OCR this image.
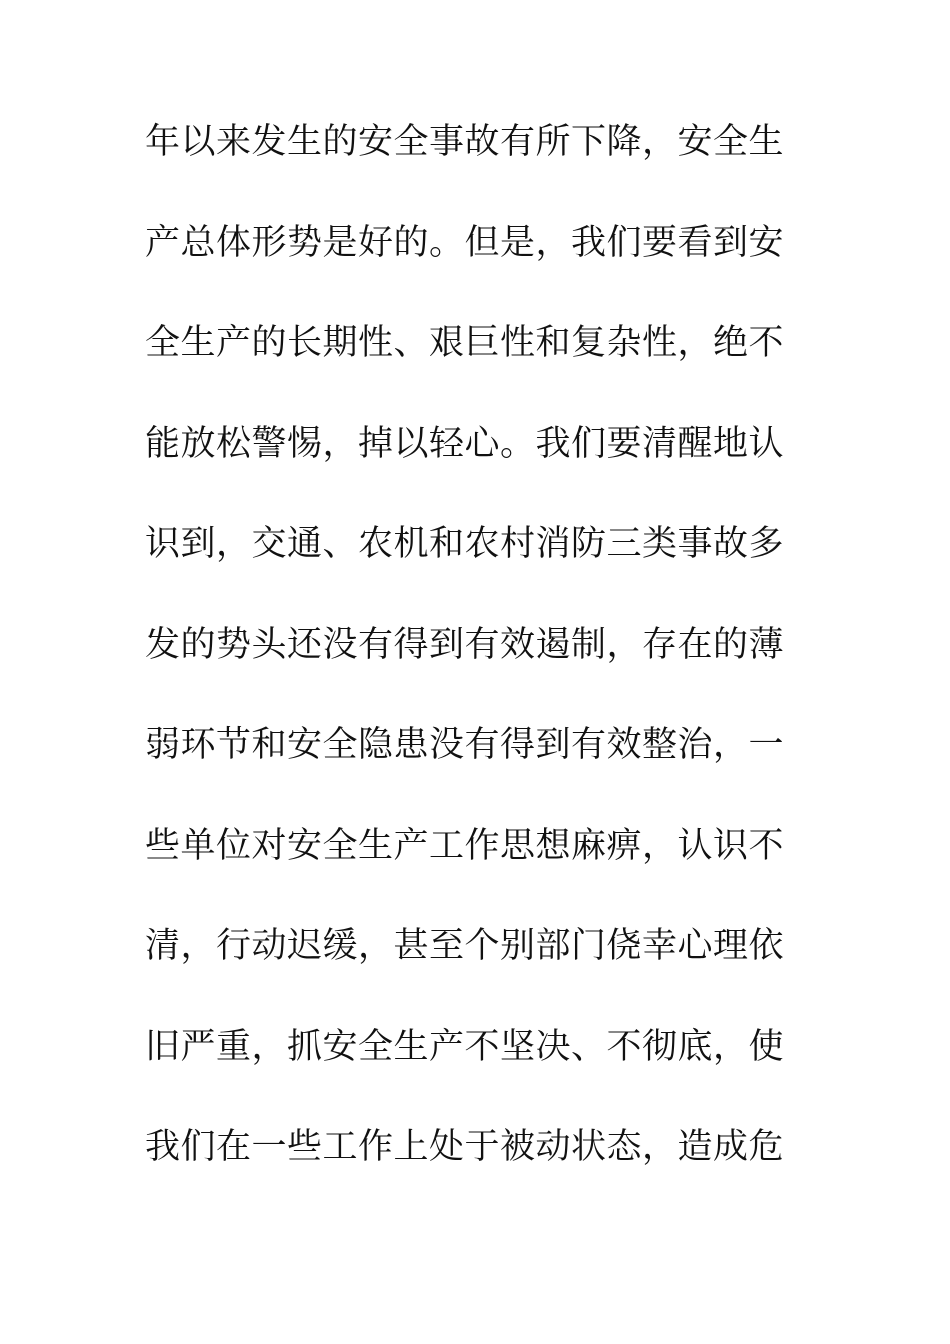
年以来发生的安全事故有所下降，安全生
产总体形势是好的。但是，我们要看到安
全生产的长期性、艰巨性和复杂性，绝不
能放松警惕，掉以轻心。我们要清醒地认
识到，交通、农机和农村消防三类事故多
发的势头还没有得到有效遏制，存在的薄
弱环节和安全隐患没有得到有效整治，一
些单位对安全生产工作思想麻痹，认识不
清，行动迟缓，甚至个别部门侥幸心理依
旧严重，抓安全生产不坚决、不彻底，使
我们在一些工作上处于被动状态，造成危
